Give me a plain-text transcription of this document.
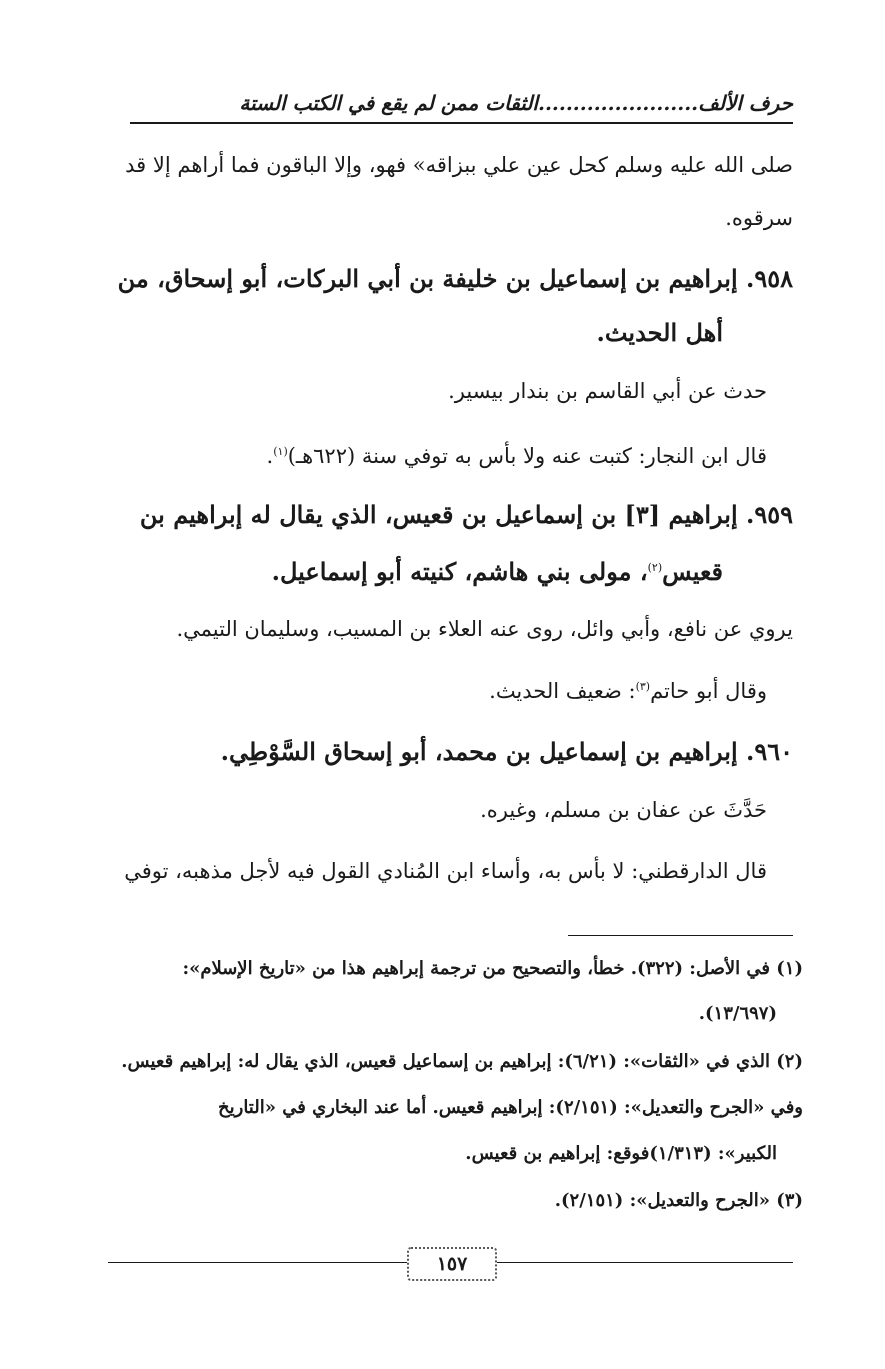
حرف الألف.......................الثقات ممن لم يقع في الكتب الستة
صلى الله عليه وسلم كحل عين علي ببزاقه» فهو، وإلا الباقون فما أراهم إلا قد
سرقوه.
٩٥٨. إبراهيم بن إسماعيل بن خليفة بن أبي البركات، أبو إسحاق، من
أهل الحديث.
حدث عن أبي القاسم بن بندار بيسير.
قال ابن النجار: كتبت عنه ولا بأس به توفي سنة (٦٢٢هـ)$^{(١)}$.
٩٥٩. إبراهيم [٣] بن إسماعيل بن قعيس، الذي يقال له إبراهيم بن
قعيس$^{(٢)}$، مولى بني هاشم، كنيته أبو إسماعيل.
يروي عن نافع، وأبي وائل، روى عنه العلاء بن المسيب، وسليمان التيمي.
وقال أبو حاتم$^{(٣)}$: ضعيف الحديث.
٩٦٠. إبراهيم بن إسماعيل بن محمد، أبو إسحاق السَّوْطِي.
حَدَّثَ عن عفان بن مسلم، وغيره.
قال الدارقطني: لا بأس به، وأساء ابن المُنادي القول فيه لأجل مذهبه، توفي
(١) في الأصل: (٣٢٢). خطأ، والتصحيح من ترجمة إبراهيم هذا من «تاريخ الإسلام»:
(١٣/٦٩٧).
(٢) الذي في «الثقات»: (٦/٢١): إبراهيم بن إسماعيل قعيس، الذي يقال له: إبراهيم قعيس.
وفي «الجرح والتعديل»: (٢/١٥١): إبراهيم قعيس. أما عند البخاري في «التاريخ
الكبير»: (١/٣١٣)فوقع: إبراهيم بن قعيس.
(٣) «الجرح والتعديل»: (٢/١٥١).
١٥٧
